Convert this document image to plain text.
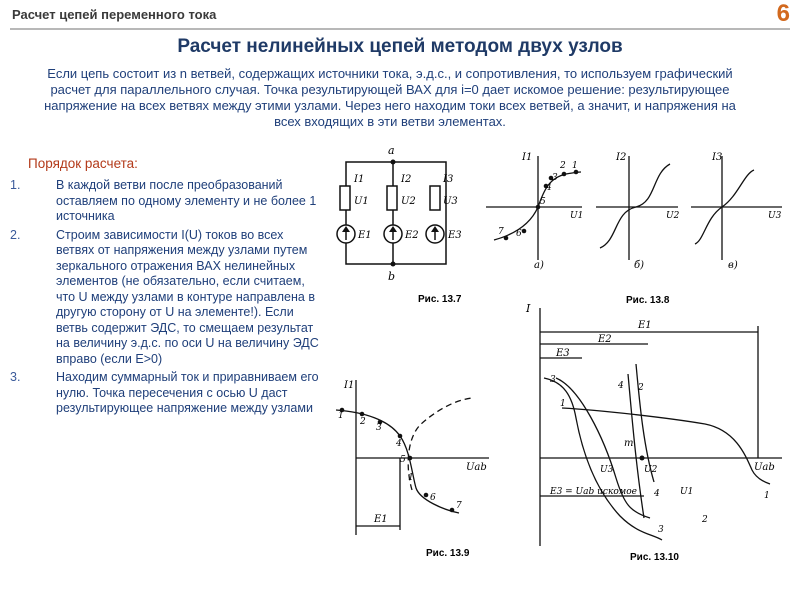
Расчет цепей переменного тока	6
Расчет нелинейных цепей методом двух узлов
Если цепь состоит из n ветвей, содержащих источники тока, э.д.с., и сопротивления, то используем графический расчет для параллельного случая. Точка результирующей ВАХ для i=0 дает искомое решение: результирующее напряжение на всех ветвях между этими узлами. Через него находим токи всех ветвей, а значит, и напряжения на всех входящих в эти ветви элементах.
Порядок расчета:
1.	В каждой ветви после преобразований оставляем по одному элементу и не более 1 источника
2.	Строим зависимости I(U) токов во всех ветвях от напряжения между узлами путем зеркального отражения ВАХ нелинейных элементов (не обязательно, если считаем, что U между узлами в контуре направлена в другую сторону от U на элементе!). Если ветвь содержит ЭДС, то смещаем результат на величину э.д.с. по оси U на величину ЭДС вправо (если E>0)
3.	Находим суммарный ток и приравниваем его нулю. Точка пересечения с осью U даст результирующее напряжение между узлами
a
b
I1	I2	I3
U1	U2	U3
E1	E2	E3
Рис. 13.7
I1	I2	I3
U1	U2	U3
а)	б)	в)
1
2
3
4
5
6
7
Рис. 13.8
I1
Uab
E1
1
2
3
4
5
6
7
1
Рис. 13.9
I
Uab
E1
E2
E3
U1
U2
U3
m
E3 = Uab искомое
1
2
3
4
1
2
3
4
Рис. 13.10
